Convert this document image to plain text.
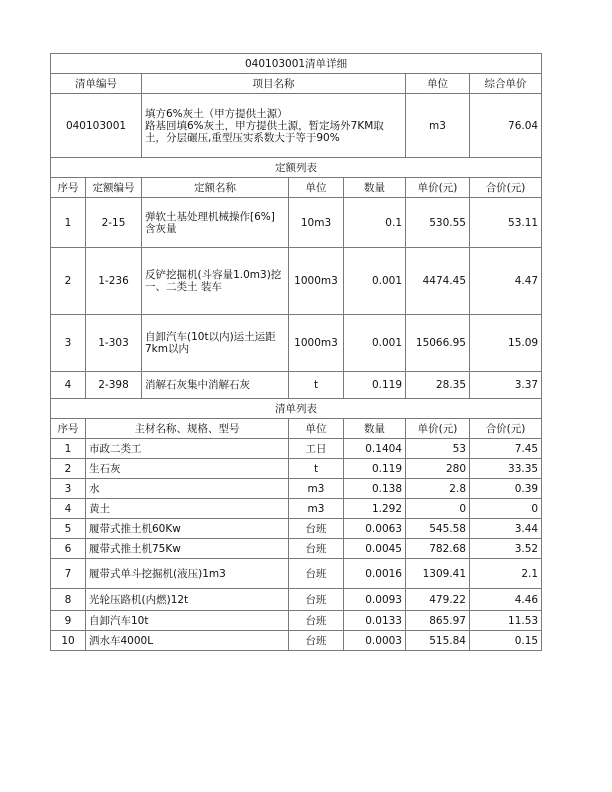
040103001清单详细						
清单编号		项目名称			单位	综合单价
040103001		填方6%灰土（甲方提供土源）
路基回填6%灰土，甲方提供土源，暂定场外7KM取土，分层碾压,重型压实系数大于等于90%			m3	76.04
定额列表						
序号	定额编号	定额名称	单位	数量	单价(元)	合价(元)
1	2-15	弹软土基处理机械操作[6%]含灰量	10m3	0.1	530.55	53.11
2	1-236	反铲挖掘机(斗容量1.0m3)挖一、二类土 装车	1000m3	0.001	4474.45	4.47
3	1-303	自卸汽车(10t以内)运土运距7km以内	1000m3	0.001	15066.95	15.09
4	2-398	消解石灰集中消解石灰	t	0.119	28.35	3.37
清单列表						
序号	主材名称、规格、型号		单位	数量	单价(元)	合价(元)
1	市政二类工		工日	0.1404	53	7.45
2	生石灰		t	0.119	280	33.35
3	水		m3	0.138	2.8	0.39
4	黄土		m3	1.292	0	0
5	履带式推土机60Kw		台班	0.0063	545.58	3.44
6	履带式推土机75Kw		台班	0.0045	782.68	3.52
7	履带式单斗挖掘机(液压)1m3		台班	0.0016	1309.41	2.1
8	光轮压路机(内燃)12t		台班	0.0093	479.22	4.46
9	自卸汽车10t		台班	0.0133	865.97	11.53
10	洒水车4000L		台班	0.0003	515.84	0.15
